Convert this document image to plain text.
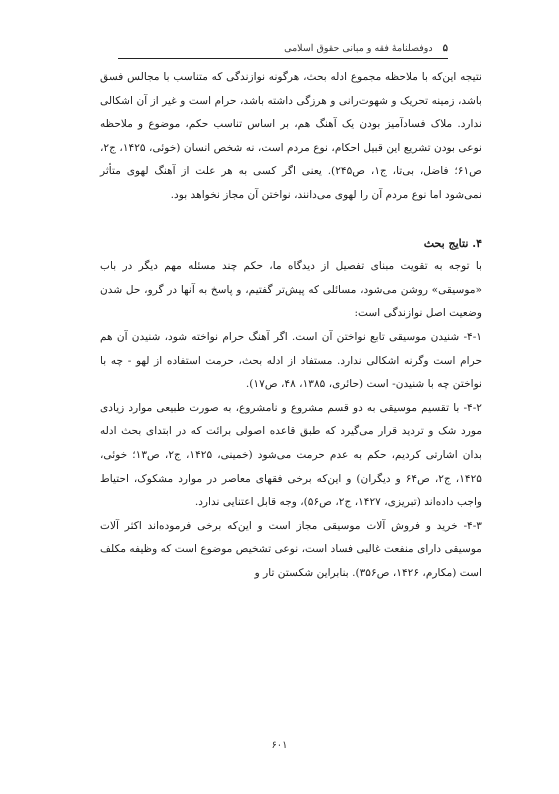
۵
دوفصلنامهٔ فقه و مبانی حقوق اسلامی

نتیجه این‌که با ملاحظه مجموع ادله بحث، هرگونه نوازندگی که متناسب با مجالس فسق باشد، زمینه تحریک و شهوت‌رانی و هرزگی داشته باشد، حرام است و غیر از آن اشکالی ندارد. ملاک فسادآمیز بودن یک آهنگ هم، بر اساس تناسب حکم، موضوع و ملاحظه نوعی بودن تشریع این قبیل احکام، نوع مردم است، نه شخص انسان (خوئی، ۱۴۲۵، ج۲، ص۶۱؛ فاضل، بی‌تا، ج۱، ص۲۴۵). یعنی اگر کسی به هر علت از آهنگ لهوی متأثر نمی‌شود اما نوع مردم آن را لهوی می‌دانند، نواختن آن مجاز نخواهد بود.

۴. نتایج بحث

با توجه به تقویت مبنای تفصیل از دیدگاه ما، حکم چند مسئله مهم دیگر در باب «موسیقی» روشن می‌شود، مسائلی که پیش‌تر گفتیم، و پاسخ به آنها در گرو، حل شدن وضعیت اصل نوازندگی است:

۴-۱- شنیدن موسیقی تابع نواختن آن است. اگر آهنگ حرام نواخته شود، شنیدن آن هم حرام است وگرنه اشکالی ندارد. مستفاد از ادله بحث، حرمت استفاده از لهو - چه با نواختن چه با شنیدن- است (حائری، ۱۳۸۵، ۴۸، ص۱۷).

۴-۲- با تقسیم موسیقی به دو قسم مشروع و نامشروع، به صورت طبیعی موارد زیادی مورد شک و تردید قرار می‌گیرد که طبق قاعده اصولی برائت که در ابتدای بحث ادله بدان اشارتی کردیم، حکم به عدم حرمت می‌شود (خمینی، ۱۴۲۵، ج۲، ص۱۳؛ خوئی، ۱۴۲۵، ج۲، ص۶۴ و دیگران) و این‌که برخی فقهای معاصر در موارد مشکوک، احتیاط واجب داده‌اند (تبریزی، ۱۴۲۷، ج۲، ص۵۶)، وجه قابل اعتنایی ندارد.

۴-۳- خرید و فروش آلات موسیقی مجاز است و این‌که برخی فرموده‌اند اکثر آلات موسیقی دارای منفعت غالبی فساد است، نوعی تشخیص موضوع است که وظیفه مکلف است (مکارم، ۱۴۲۶، ص۳۵۶). بنابراین شکستن تار و

۶۰۱
